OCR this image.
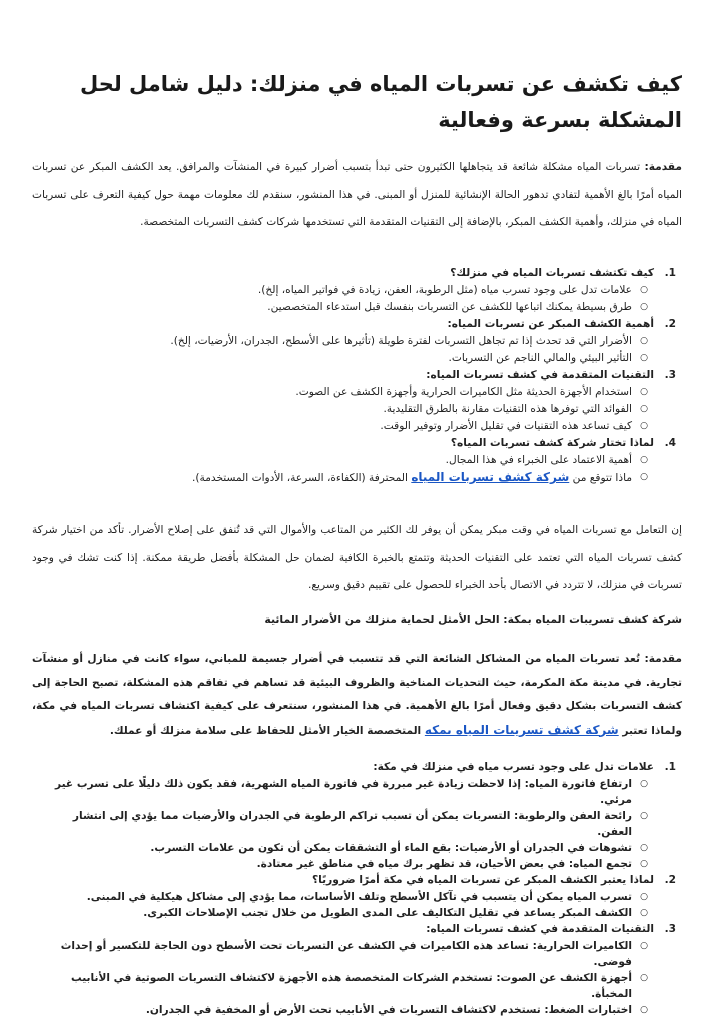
كيف تكشف عن تسربات المياه في منزلك: دليل شامل لحل المشكلة بسرعة وفعالية

مقدمة: تسربات المياه مشكلة شائعة قد يتجاهلها الكثيرون حتى تبدأ بتسبب أضرار كبيرة في المنشآت والمرافق. يعد الكشف المبكر عن تسربات المياه أمرًا بالغ الأهمية لتفادي تدهور الحالة الإنشائية للمنزل أو المبنى. في هذا المنشور، سنقدم لك معلومات مهمة حول كيفية التعرف على تسربات المياه في منزلك، وأهمية الكشف المبكر، بالإضافة إلى التقنيات المتقدمة التي تستخدمها شركات كشف التسربات المتخصصة.

1.
كيف تكتشف تسربات المياه في منزلك؟
○
علامات تدل على وجود تسرب مياه (مثل الرطوبة، العفن، زيادة في فواتير المياه، إلخ).
○
طرق بسيطة يمكنك اتباعها للكشف عن التسربات بنفسك قبل استدعاء المتخصصين.
2.
أهمية الكشف المبكر عن تسربات المياه:
○
الأضرار التي قد تحدث إذا تم تجاهل التسربات لفترة طويلة (تأثيرها على الأسطح، الجدران، الأرضيات، إلخ).
○
التأثير البيئي والمالي الناجم عن التسربات.
3.
التقنيات المتقدمة في كشف تسربات المياه:
○
استخدام الأجهزة الحديثة مثل الكاميرات الحرارية وأجهزة الكشف عن الصوت.
○
الفوائد التي توفرها هذه التقنيات مقارنة بالطرق التقليدية.
○
كيف تساعد هذه التقنيات في تقليل الأضرار وتوفير الوقت.
4.
لماذا تختار شركة كشف تسربات المياه؟
○
أهمية الاعتماد على الخبراء في هذا المجال.
○
ماذا تتوقع من شركة كشف تسربات المياه المحترفة (الكفاءة، السرعة، الأدوات المستخدمة).

إن التعامل مع تسربات المياه في وقت مبكر يمكن أن يوفر لك الكثير من المتاعب والأموال التي قد تُنفق على إصلاح الأضرار. تأكد من اختيار شركة كشف تسربات المياه التي تعتمد على التقنيات الحديثة وتتمتع بالخبرة الكافية لضمان حل المشكلة بأفضل طريقة ممكنة. إذا كنت تشك في وجود تسربات في منزلك، لا تتردد في الاتصال بأحد الخبراء للحصول على تقييم دقيق وسريع.

شركة كشف تسريبات المياه بمكة: الحل الأمثل لحماية منزلك من الأضرار المائية

مقدمة: تُعد تسربات المياه من المشاكل الشائعة التي قد تتسبب في أضرار جسيمة للمباني، سواء كانت في منازل أو منشآت تجارية. في مدينة مكة المكرمة، حيث التحديات المناخية والظروف البيئية قد تساهم في تفاقم هذه المشكلة، تصبح الحاجة إلى كشف التسربات بشكل دقيق وفعال أمرًا بالغ الأهمية. في هذا المنشور، سنتعرف على كيفية اكتشاف تسربات المياه في مكة، ولماذا تعتبر شركة كشف تسريبات المياه بمكه المتخصصة الخيار الأمثل للحفاظ على سلامة منزلك أو عملك.

1.
علامات تدل على وجود تسرب مياه في منزلك في مكة:
○
ارتفاع فاتورة المياه: إذا لاحظت زيادة غير مبررة في فاتورة المياه الشهرية، فقد يكون ذلك دليلًا على تسرب غير مرئي.
○
رائحة العفن والرطوبة: التسربات يمكن أن تسبب تراكم الرطوبة في الجدران والأرضيات مما يؤدي إلى انتشار العفن.
○
تشوهات في الجدران أو الأرضيات: بقع الماء أو التشققات يمكن أن تكون من علامات التسرب.
○
تجمع المياه: في بعض الأحيان، قد تظهر برك مياه في مناطق غير معتادة.
2.
لماذا يعتبر الكشف المبكر عن تسربات المياه في مكة أمرًا ضروريًا؟
○
تسرب المياه يمكن أن يتسبب في تآكل الأسطح وتلف الأساسات، مما يؤدي إلى مشاكل هيكلية في المبنى.
○
الكشف المبكر يساعد في تقليل التكاليف على المدى الطويل من خلال تجنب الإصلاحات الكبرى.
3.
التقنيات المتقدمة في كشف تسربات المياه:
○
الكاميرات الحرارية: تساعد هذه الكاميرات في الكشف عن التسربات تحت الأسطح دون الحاجة للتكسير أو إحداث فوضى.
○
أجهزة الكشف عن الصوت: تستخدم الشركات المتخصصة هذه الأجهزة لاكتشاف التسربات الصوتية في الأنابيب المخبأة.
○
اختبارات الضغط: تستخدم لاكتشاف التسربات في الأنابيب تحت الأرض أو المخفية في الجدران.
